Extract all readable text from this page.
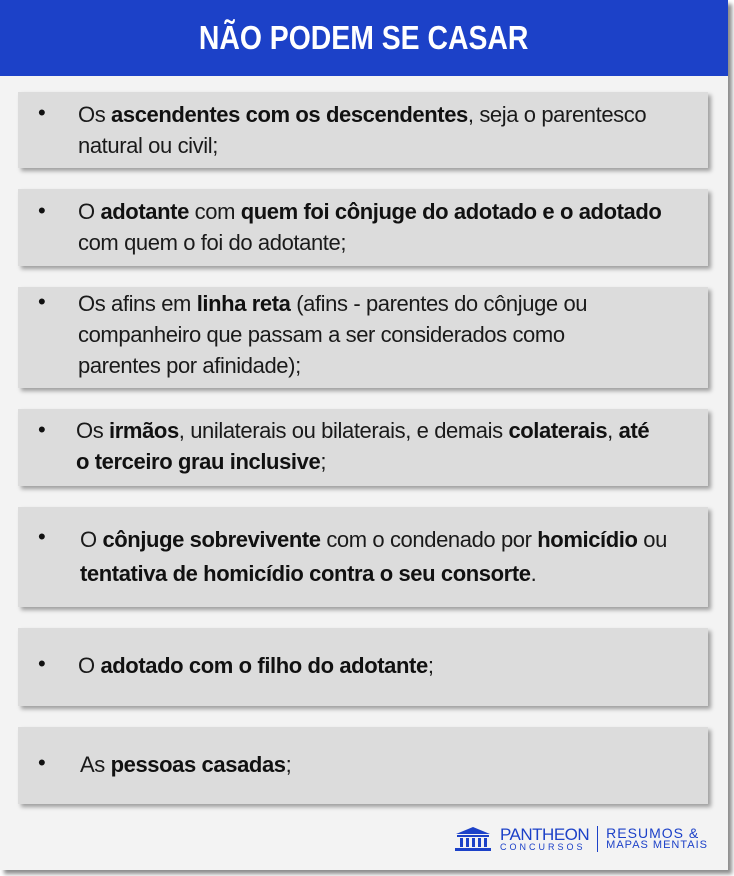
NÃO PODEM SE CASAR
• Os ascendentes com os descendentes, seja o parentesco natural ou civil;
• O adotante com quem foi cônjuge do adotado e o adotado com quem o foi do adotante;
• Os afins em linha reta (afins - parentes do cônjuge ou companheiro que passam a ser considerados como parentes por afinidade);
• Os irmãos, unilaterais ou bilaterais, e demais colaterais, até o terceiro grau inclusive;
• O cônjuge sobrevivente com o condenado por homicídio ou tentativa de homicídio contra o seu consorte.
• O adotado com o filho do adotante;
• As pessoas casadas;
PANTHEON
CONCURSOS
RESUMOS &
MAPAS MENTAIS
